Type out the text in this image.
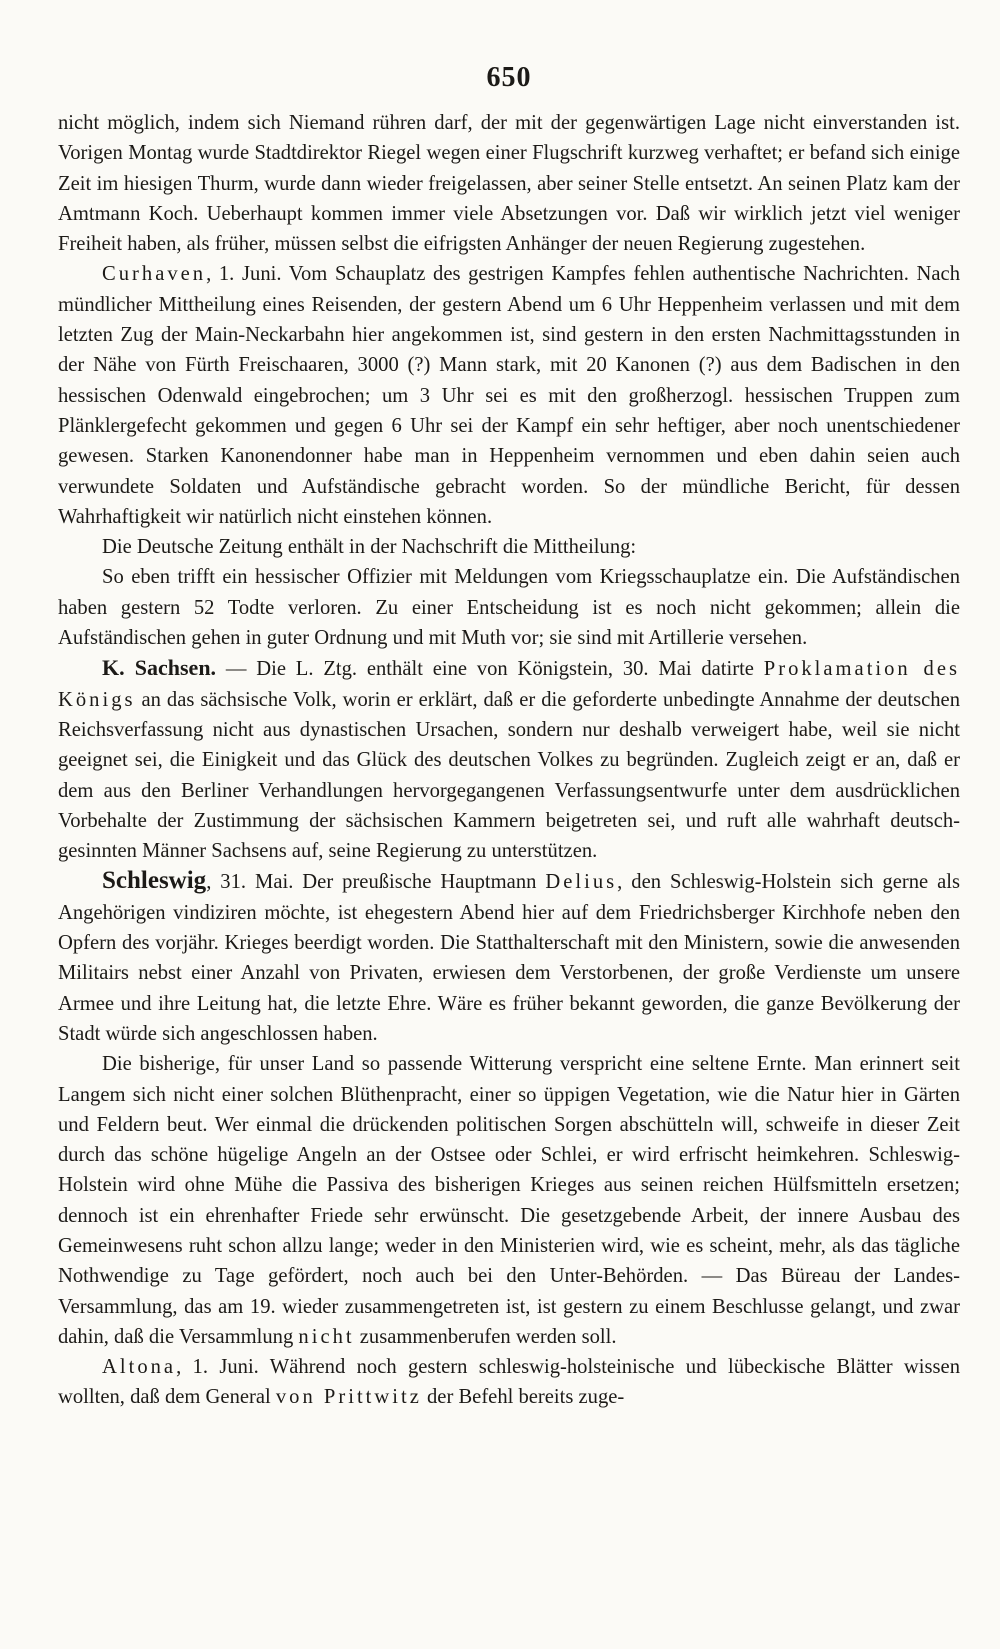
650

nicht möglich, indem sich Niemand rühren darf, der mit der gegenwärtigen Lage nicht einverstanden ist. Vorigen Montag wurde Stadtdirektor Riegel wegen einer Flugschrift kurzweg verhaftet; er befand sich einige Zeit im hiesigen Thurm, wurde dann wieder freigelassen, aber seiner Stelle entsetzt. An seinen Platz kam der Amtmann Koch. Ueberhaupt kommen immer viele Absetzungen vor. Daß wir wirklich jetzt viel weniger Freiheit haben, als früher, müssen selbst die eifrigsten Anhänger der neuen Regierung zugestehen.

Curhaven, 1. Juni. Vom Schauplatz des gestrigen Kampfes fehlen authentische Nachrichten. Nach mündlicher Mittheilung eines Reisenden, der gestern Abend um 6 Uhr Heppenheim verlassen und mit dem letzten Zug der Main-Neckarbahn hier angekommen ist, sind gestern in den ersten Nachmittagsstunden in der Nähe von Fürth Freischaaren, 3000 (?) Mann stark, mit 20 Kanonen (?) aus dem Badischen in den hessischen Odenwald eingebrochen; um 3 Uhr sei es mit den großherzogl. hessischen Truppen zum Plänklergefecht gekommen und gegen 6 Uhr sei der Kampf ein sehr heftiger, aber noch unentschiedener gewesen. Starken Kanonendonner habe man in Heppenheim vernommen und eben dahin seien auch verwundete Soldaten und Aufständische gebracht worden. So der mündliche Bericht, für dessen Wahrhaftigkeit wir natürlich nicht einstehen können.

Die Deutsche Zeitung enthält in der Nachschrift die Mittheilung:

So eben trifft ein hessischer Offizier mit Meldungen vom Kriegsschauplatze ein. Die Aufständischen haben gestern 52 Todte verloren. Zu einer Entscheidung ist es noch nicht gekommen; allein die Aufständischen gehen in guter Ordnung und mit Muth vor; sie sind mit Artillerie versehen.

K. Sachsen. — Die L. Ztg. enthält eine von Königstein, 30. Mai datirte Proklamation des Königs an das sächsische Volk, worin er erklärt, daß er die geforderte unbedingte Annahme der deutschen Reichsverfassung nicht aus dynastischen Ursachen, sondern nur deshalb verweigert habe, weil sie nicht geeignet sei, die Einigkeit und das Glück des deutschen Volkes zu begründen. Zugleich zeigt er an, daß er dem aus den Berliner Verhandlungen hervorgegangenen Verfassungsentwurfe unter dem ausdrücklichen Vorbehalte der Zustimmung der sächsischen Kammern beigetreten sei, und ruft alle wahrhaft deutsch-gesinnten Männer Sachsens auf, seine Regierung zu unterstützen.

Schleswig, 31. Mai. Der preußische Hauptmann Delius, den Schleswig-Holstein sich gerne als Angehörigen vindiziren möchte, ist ehegestern Abend hier auf dem Friedrichsberger Kirchhofe neben den Opfern des vorjähr. Krieges beerdigt worden. Die Statthalterschaft mit den Ministern, sowie die anwesenden Militairs nebst einer Anzahl von Privaten, erwiesen dem Verstorbenen, der große Verdienste um unsere Armee und ihre Leitung hat, die letzte Ehre. Wäre es früher bekannt geworden, die ganze Bevölkerung der Stadt würde sich angeschlossen haben.

Die bisherige, für unser Land so passende Witterung verspricht eine seltene Ernte. Man erinnert seit Langem sich nicht einer solchen Blüthenpracht, einer so üppigen Vegetation, wie die Natur hier in Gärten und Feldern beut. Wer einmal die drückenden politischen Sorgen abschütteln will, schweife in dieser Zeit durch das schöne hügelige Angeln an der Ostsee oder Schlei, er wird erfrischt heimkehren. Schleswig-Holstein wird ohne Mühe die Passiva des bisherigen Krieges aus seinen reichen Hülfsmitteln ersetzen; dennoch ist ein ehrenhafter Friede sehr erwünscht. Die gesetzgebende Arbeit, der innere Ausbau des Gemeinwesens ruht schon allzu lange; weder in den Ministerien wird, wie es scheint, mehr, als das tägliche Nothwendige zu Tage gefördert, noch auch bei den Unter-Behörden. — Das Büreau der Landes-Versammlung, das am 19. wieder zusammengetreten ist, ist gestern zu einem Beschlusse gelangt, und zwar dahin, daß die Versammlung nicht zusammenberufen werden soll.

Altona, 1. Juni. Während noch gestern schleswig-holsteinische und lübeckische Blätter wissen wollten, daß dem General von Prittwitz der Befehl bereits zuge-
